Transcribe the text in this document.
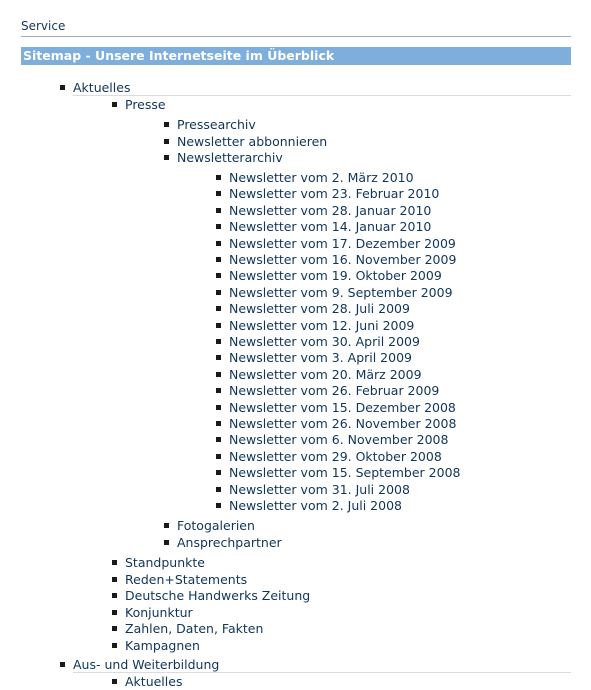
Service
Sitemap - Unsere Internetseite im Überblick
Aktuelles
Presse
Pressearchiv
Newsletter abbonnieren
Newsletterarchiv
Newsletter vom 2. März 2010
Newsletter vom 23. Februar 2010
Newsletter vom 28. Januar 2010
Newsletter vom 14. Januar 2010
Newsletter vom 17. Dezember 2009
Newsletter vom 16. November 2009
Newsletter vom 19. Oktober 2009
Newsletter vom 9. September 2009
Newsletter vom 28. Juli 2009
Newsletter vom 12. Juni 2009
Newsletter vom 30. April 2009
Newsletter vom 3. April 2009
Newsletter vom 20. März 2009
Newsletter vom 26. Februar 2009
Newsletter vom 15. Dezember 2008
Newsletter vom 26. November 2008
Newsletter vom 6. November 2008
Newsletter vom 29. Oktober 2008
Newsletter vom 15. September 2008
Newsletter vom 31. Juli 2008
Newsletter vom 2. Juli 2008
Fotogalerien
Ansprechpartner
Standpunkte
Reden+Statements
Deutsche Handwerks Zeitung
Konjunktur
Zahlen, Daten, Fakten
Kampagnen
Aus- und Weiterbildung
Aktuelles
